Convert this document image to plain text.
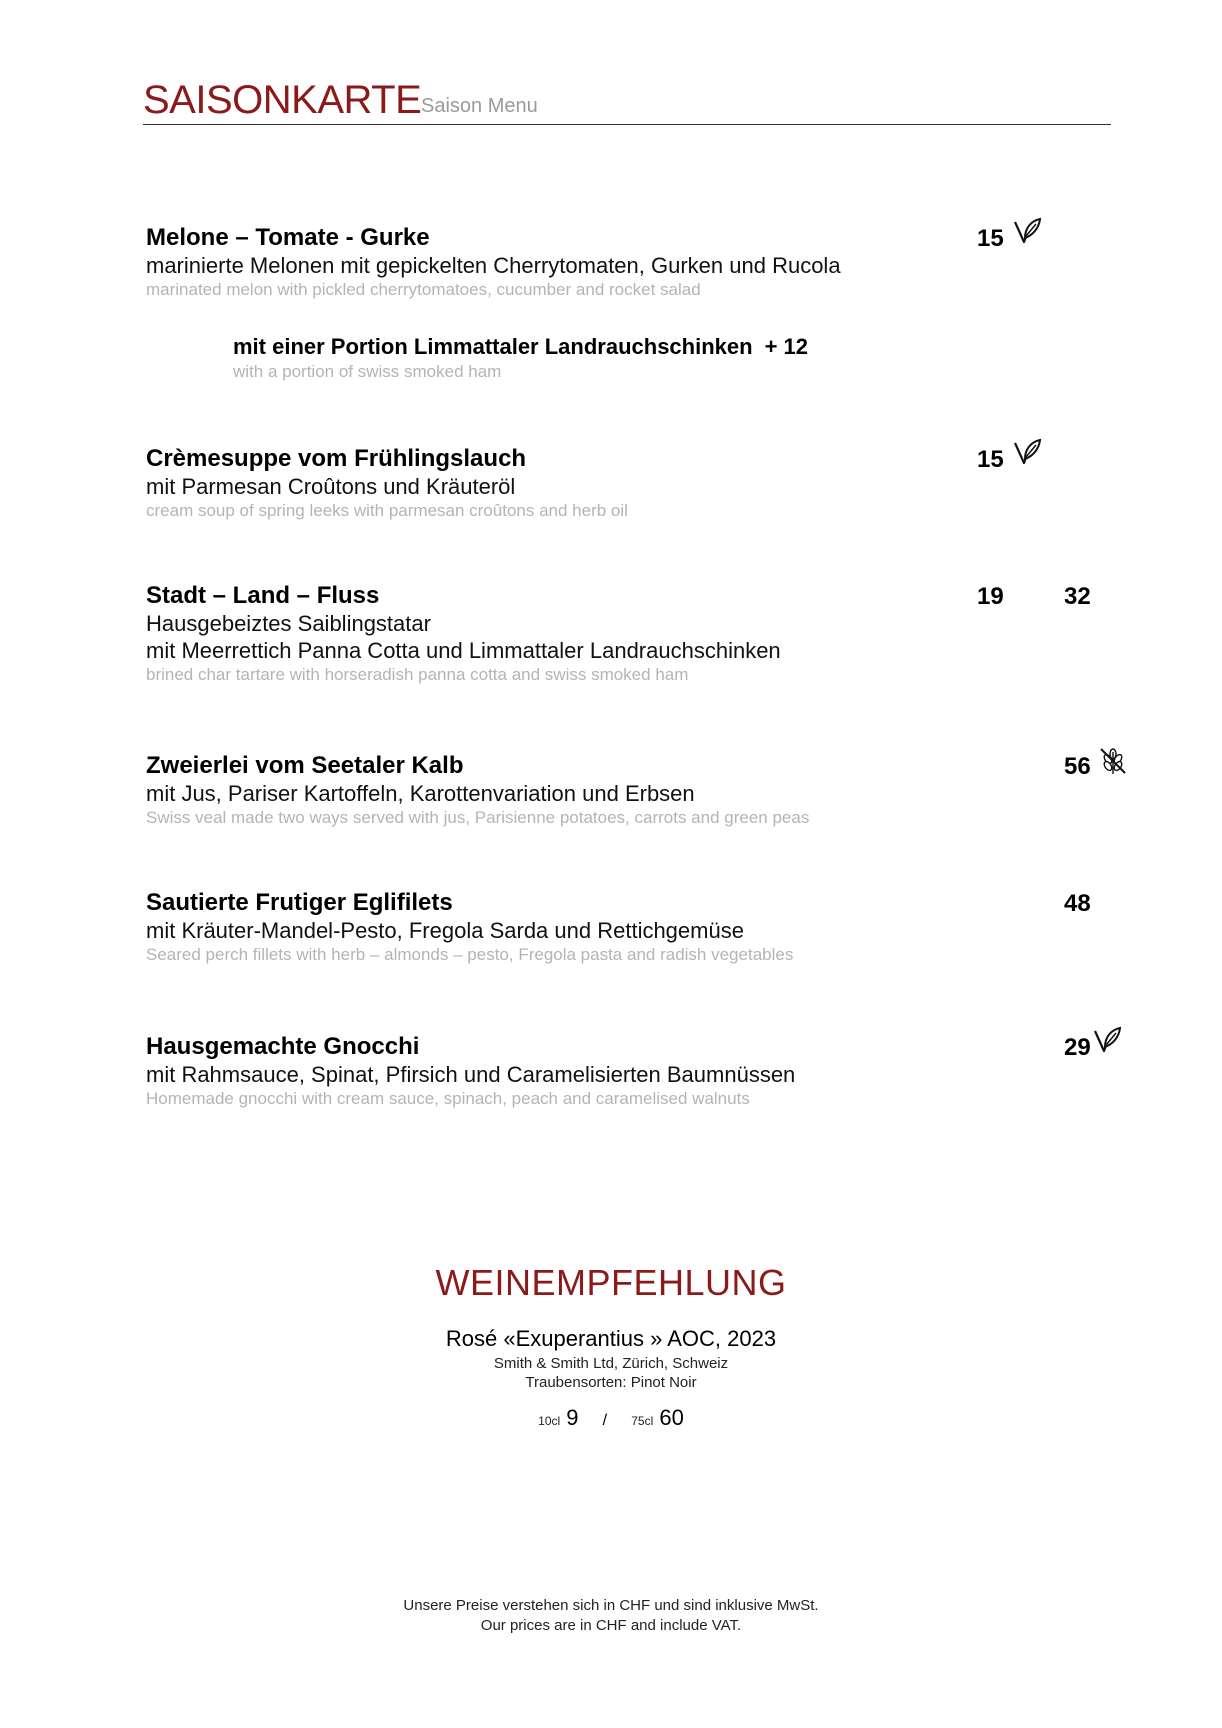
SAISONKARTE Saison Menu
Melone – Tomate - Gurke
marinierte Melonen mit gepickelten Cherrytomaten, Gurken und Rucola
marinated melon with pickled cherrytomatoes, cucumber and rocket salad
15
mit einer Portion Limmattaler Landrauchschinken + 12
with a portion of swiss smoked ham
Crèmesuppe vom Frühlingslauch
mit Parmesan Croûtons und Kräuteröl
cream soup of spring leeks with parmesan croûtons and herb oil
15
Stadt – Land – Fluss
Hausgebeiztes Saiblingstatar
mit Meerrettich Panna Cotta und Limmattaler Landrauchschinken
brined char tartare with horseradish panna cotta and swiss smoked ham
19	32
Zweierlei vom Seetaler Kalb
mit Jus, Pariser Kartoffeln, Karottenvariation und Erbsen
Swiss veal made two ways served with jus, Parisienne potatoes, carrots and green peas
56
Sautierte Frutiger Eglifilets
mit Kräuter-Mandel-Pesto, Fregola Sarda und Rettichgemüse
Seared perch fillets with herb – almonds – pesto, Fregola pasta and radish vegetables
48
Hausgemachte Gnocchi
mit Rahmsauce, Spinat, Pfirsich und Caramelisierten Baumnüssen
Homemade gnocchi with cream sauce, spinach, peach and caramelised walnuts
29
WEINEMPFEHLUNG
Rosé «Exuperantius » AOC, 2023
Smith & Smith Ltd, Zürich, Schweiz
Traubensorten: Pinot Noir
10cl 9 / 75cl 60
Unsere Preise verstehen sich in CHF und sind inklusive MwSt.
Our prices are in CHF and include VAT.
